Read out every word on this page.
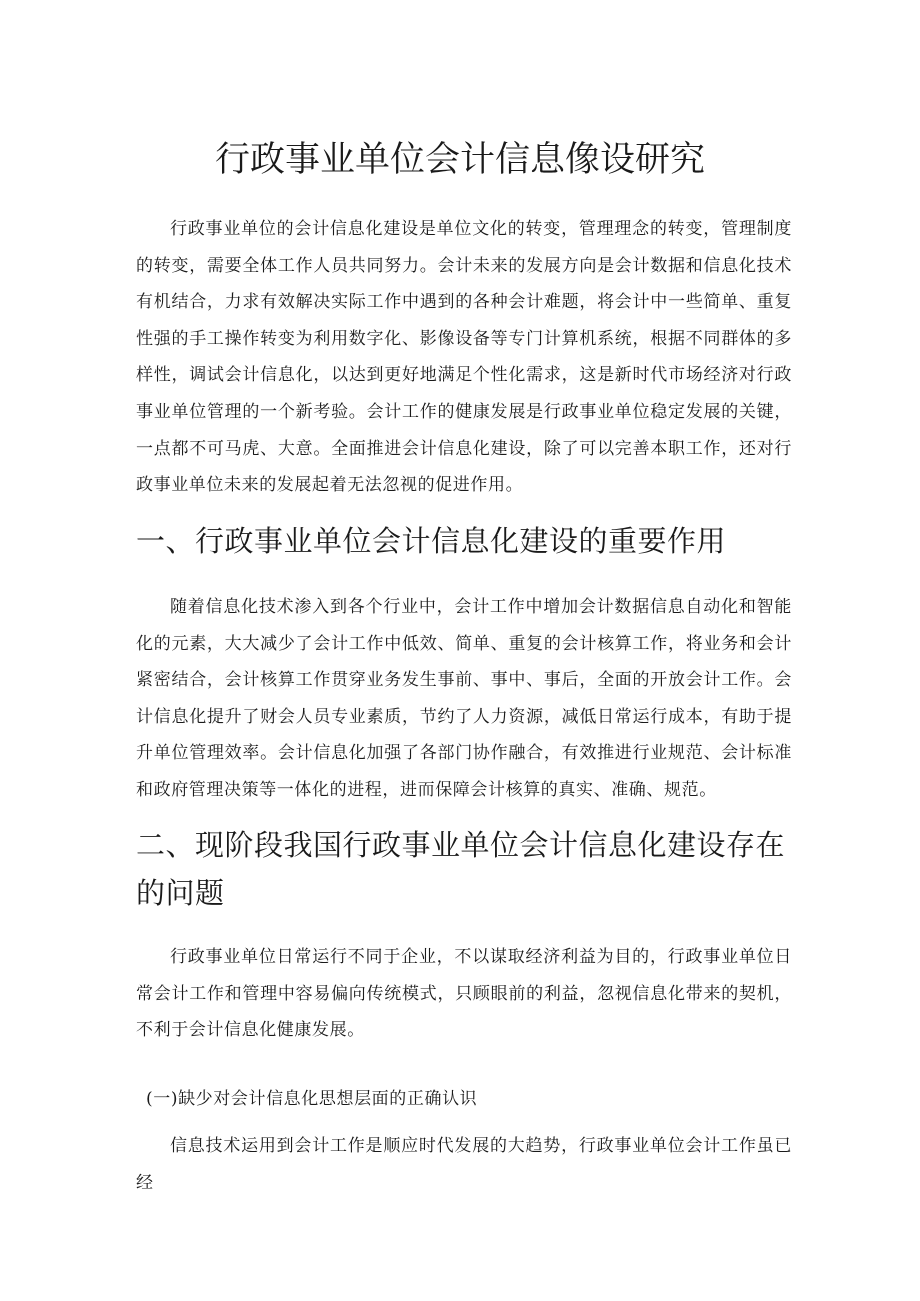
行政事业单位会计信息像设研究

行政事业单位的会计信息化建设是单位文化的转变，管理理念的转变，管理制度的转变，需要全体工作人员共同努力。会计未来的发展方向是会计数据和信息化技术有机结合，力求有效解决实际工作中遇到的各种会计难题，将会计中一些简单、重复性强的手工操作转变为利用数字化、影像设备等专门计算机系统，根据不同群体的多样性，调试会计信息化，以达到更好地满足个性化需求，这是新时代市场经济对行政事业单位管理的一个新考验。会计工作的健康发展是行政事业单位稳定发展的关键，一点都不可马虎、大意。全面推进会计信息化建设，除了可以完善本职工作，还对行政事业单位未来的发展起着无法忽视的促进作用。

一、行政事业单位会计信息化建设的重要作用

随着信息化技术渗入到各个行业中，会计工作中增加会计数据信息自动化和智能化的元素，大大减少了会计工作中低效、简单、重复的会计核算工作，将业务和会计紧密结合，会计核算工作贯穿业务发生事前、事中、事后，全面的开放会计工作。会计信息化提升了财会人员专业素质，节约了人力资源，减低日常运行成本，有助于提升单位管理效率。会计信息化加强了各部门协作融合，有效推进行业规范、会计标准和政府管理决策等一体化的进程，进而保障会计核算的真实、准确、规范。

二、现阶段我国行政事业单位会计信息化建设存在的问题

行政事业单位日常运行不同于企业，不以谋取经济利益为目的，行政事业单位日常会计工作和管理中容易偏向传统模式，只顾眼前的利益，忽视信息化带来的契机，不利于会计信息化健康发展。

(一)缺少对会计信息化思想层面的正确认识

信息技术运用到会计工作是顺应时代发展的大趋势，行政事业单位会计工作虽已经
